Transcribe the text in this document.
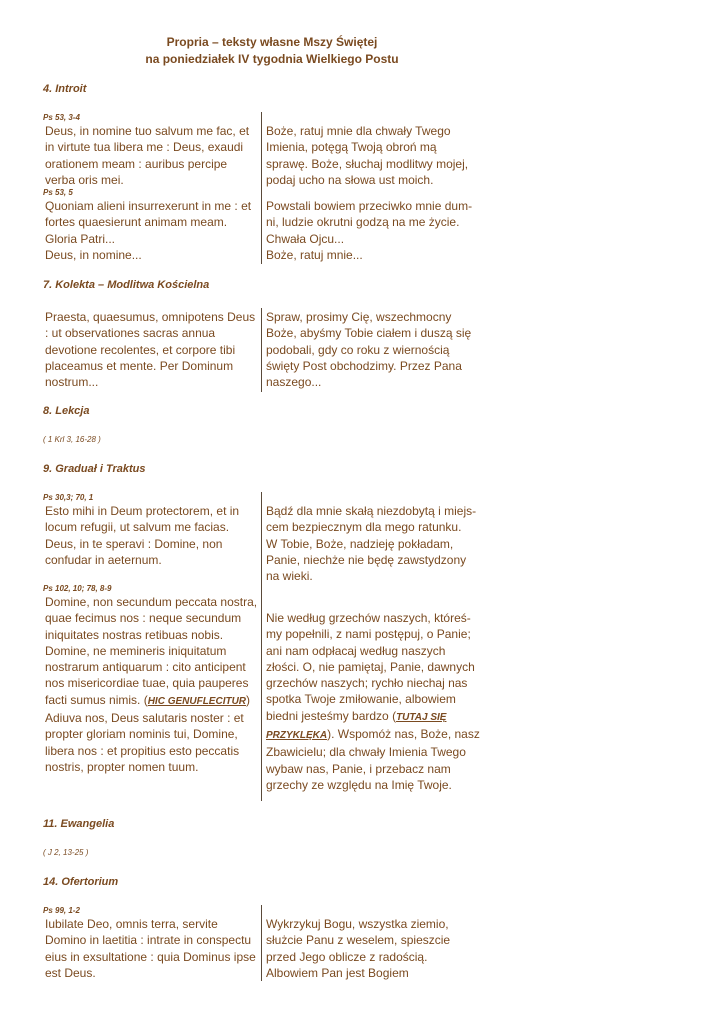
Propria – teksty własne Mszy Świętej
na poniedziałek IV tygodnia Wielkiego Postu
4. Introit
Ps 53, 3-4
Deus, in nomine tuo salvum me fac, et in virtute tua libera me : Deus, exaudi orationem meam : auribus percipe verba oris mei.
Ps 53, 5

Quoniam alieni insurrexerunt in me : et fortes quaesierunt animam meam.

Gloria Patri...

Deus, in nomine...

Boże, ratuj mnie dla chwały Twego Imienia, potęgą Twoją obroń mą sprawę. Boże, słuchaj modlitwy mojej, podaj ucho na słowa ust moich.

Powstali bowiem przeciwko mnie dum-ni, ludzie okrutni godzą na me życie.

Chwała Ojcu...

Boże, ratuj mnie...

7. Kolekta – Modlitwa Kościelna
Praesta, quaesumus, omnipotens Deus : ut observationes sacras annua devotione recolentes, et corpore tibi placeamus et mente. Per Dominum nostrum...
Spraw, prosimy Cię, wszechmocny Boże, abyśmy Tobie ciałem i duszą się podobali, gdy co roku z wiernością święty Post obchodzimy. Przez Pana naszego...
8. Lekcja
( 1 Krl 3, 16-28 )
9. Graduał i Traktus
Ps 30,3; 70, 1
Esto mihi in Deum protectorem, et in locum refugii, ut salvum me facias. Deus, in te speravi : Domine, non confudar in aeternum.
Ps 102, 10; 78, 8-9
Domine, non secundum peccata nostra, quae fecimus nos : neque secundum iniquitates nostras retibuas nobis. Domine, ne memineris iniquitatum nostrarum antiquarum : cito anticipent nos misericordiae tuae, quia pauperes facti sumus nimis. (HIC GENUFLECITUR) Adiuva nos, Deus salutaris noster : et propter gloriam nominis tui, Domine, libera nos : et propitius esto peccatis nostris, propter nomen tuum.

Bądź dla mnie skałą niezdobytą i miejs-cem bezpiecznym dla mego ratunku.

W Tobie, Boże, nadzieję pokładam, Panie, niechże nie będę zawstydzony na wieki.

Nie według grzechów naszych, któreś-my popełnili, z nami postępuj, o Panie; ani nam odpłacaj według naszych złości. O, nie pamiętaj, Panie, dawnych grzechów naszych; rychło niechaj nas spotka Twoje zmiłowanie, albowiem biedni jesteśmy bardzo (TUTAJ SIĘ PRZYKLĘKA). Wspomóż nas, Boże, nasz Zbawicielu; dla chwały Imienia Twego wybaw nas, Panie, i przebacz nam grzechy ze względu na Imię Twoje.
11. Ewangelia
( J 2, 13-25 )
14. Ofertorium
Ps 99, 1-2
Iubilate Deo, omnis terra, servite Domino in laetitia : intrate in conspectu eius in exsultatione : quia Dominus ipse est Deus.
Wykrzykuj Bogu, wszystka ziemio, służcie Panu z weselem, spieszcie przed Jego oblicze z radością. Albowiem Pan jest Bogiem
